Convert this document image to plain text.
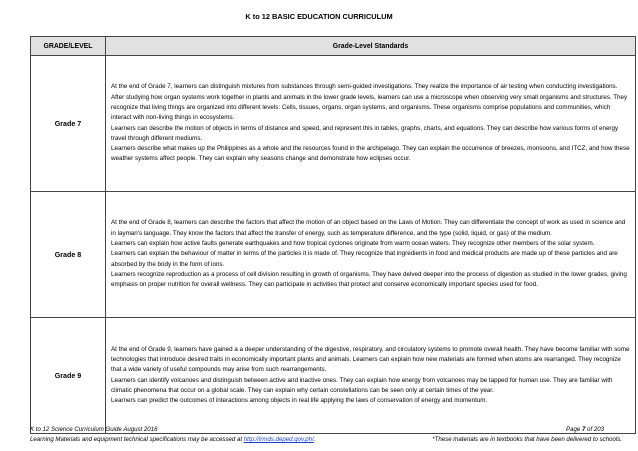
K to 12 BASIC EDUCATION CURRICULUM
GRADE/LEVEL	Grade-Level Standards
Grade 7	At the end of Grade 7, learners can distinguish mixtures from substances through semi-guided investigations. They realize the importance of air testing when conducting investigations. After studying how organ systems work together in plants and animals in the lower grade levels, learners can use a microscope when observing very small organisms and structures. They recognize that living things are organized into different levels: Cells, tissues, organs, organ systems, and organisms. These organisms comprise populations and communities, which interact with non-living things in ecosystems.

Learners can describe the motion of objects in terms of distance and speed, and represent this in tables, graphs, charts, and equations. They can describe how various forms of energy travel through different mediums.

Learners describe what makes up the Philippines as a whole and the resources found in the archipelago. They can explain the occurrence of breezes, monsoons, and ITCZ, and how these weather systems affect people. They can explain why seasons change and demonstrate how eclipses occur.

Grade 8	At the end of Grade 8, learners can describe the factors that affect the motion of an object based on the Laws of Motion. They can differentiate the concept of work as used in science and in layman's language. They know the factors that affect the transfer of energy, such as temperature difference, and the type (solid, liquid, or gas) of the medium.

Learners can explain how active faults generate earthquakes and how tropical cyclones originate from warm ocean waters. They recognize other members of the solar system.

Learners can explain the behaviour of matter in terms of the particles it is made of. They recognize that ingredients in food and medical products are made up of these particles and are absorbed by the body in the form of ions.

Learners recognize reproduction as a process of cell division resulting in growth of organisms. They have delved deeper into the process of digestion as studied in the lower grades, giving emphasis on proper nutrition for overall wellness. They can participate in activities that protect and conserve economically important species used for food.

Grade 9	At the end of Grade 9, learners have gained a a deeper understanding of the digestive, respiratory, and circulatory systems to promote overall health. They have become familiar with some technologies that introduce desired traits in economically important plants and animals. Learners can explain how new materials are formed when atoms are rearranged. They recognize that a wide variety of useful compounds may arise from such rearrangements.

Learners can identify volcanoes and distinguish between active and inactive ones. They can explain how energy from volcanoes may be tapped for human use. They are familiar with climatic phenomena that occur on a global scale. They can explain why certain constellations can be seen only at certain times of the year.

Learners can predict the outcomes of interactions among objects in real life applying the laws of conservation of energy and momentum.

K to 12 Science Curriculum Guide August 2016
Learning Materials and equipment technical specifications may be accessed at http://lrmds.deped.gov.ph/.
Page 7 of 203
*These materials are in textbooks that have been delivered to schools.
